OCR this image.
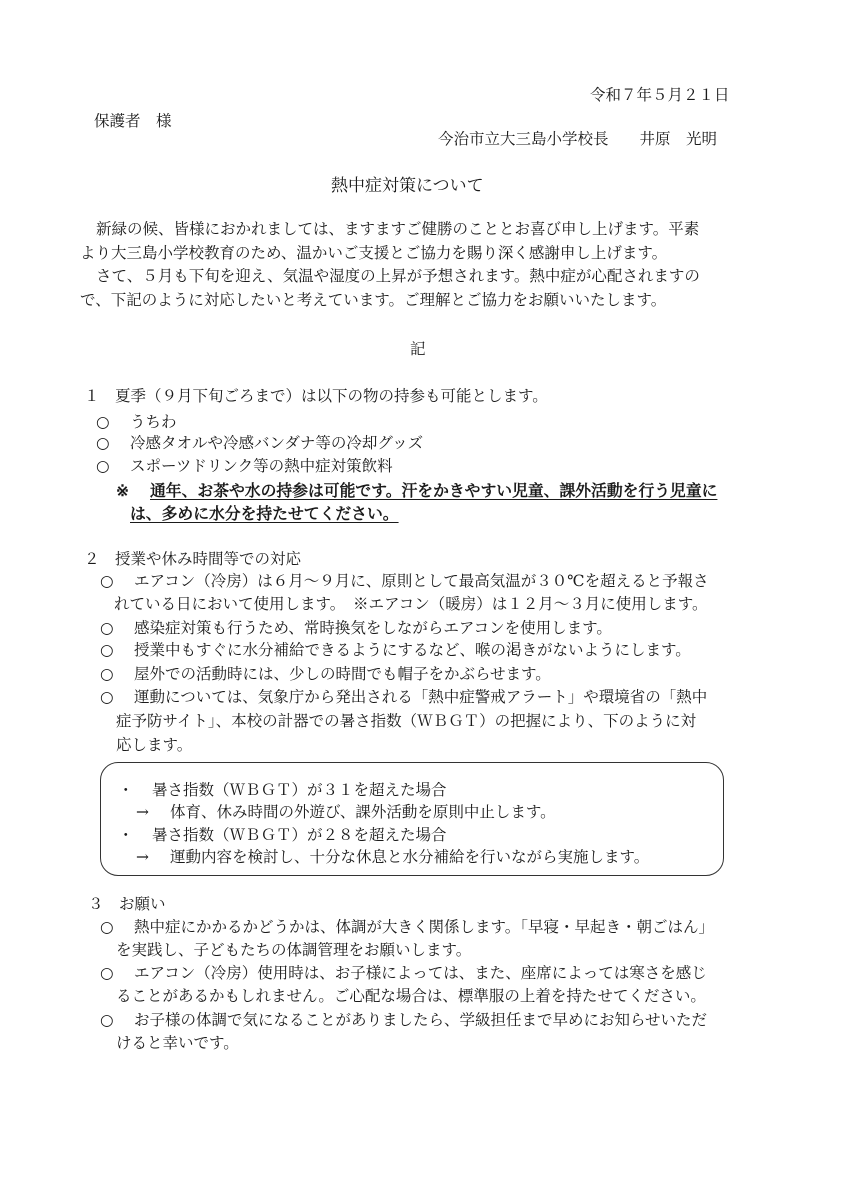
令和７年５月２１日
保護者　様
今治市立大三島小学校長　　井原　光明
熱中症対策について
新緑の候、皆様におかれましては、ますますご健勝のこととお喜び申し上げます。平素
より大三島小学校教育のため、温かいご支援とご協力を賜り深く感謝申し上げます。
さて、５月も下旬を迎え、気温や湿度の上昇が予想されます。熱中症が心配されますの
で、下記のように対応したいと考えています。ご理解とご協力をお願いいたします。
記
１　夏季（９月下旬ごろまで）は以下の物の持参も可能とします。
○ うちわ
○ 冷感タオルや冷感バンダナ等の冷却グッズ
○ スポーツドリンク等の熱中症対策飲料
※ 通年、お茶や水の持参は可能です。汗をかきやすい児童、課外活動を行う児童に
は、多めに水分を持たせてください。
２　授業や休み時間等での対応
○ エアコン（冷房）は６月～９月に、原則として最高気温が３０℃を超えると予報さ
れている日において使用します。　※エアコン（暖房）は１２月～３月に使用します。
○ 感染症対策も行うため、常時換気をしながらエアコンを使用します。
○ 授業中もすぐに水分補給できるようにするなど、喉の渇きがないようにします。
○ 屋外での活動時には、少しの時間でも帽子をかぶらせます。
○ 運動については、気象庁から発出される「熱中症警戒アラート」や環境省の「熱中
症予防サイト」、本校の計器での暑さ指数（ＷＢＧＴ）の把握により、下のように対
応します。
・ 暑さ指数（ＷＢＧＴ）が３１を超えた場合
→ 体育、休み時間の外遊び、課外活動を原則中止します。
・ 暑さ指数（ＷＢＧＴ）が２８を超えた場合
→ 運動内容を検討し、十分な休息と水分補給を行いながら実施します。
３　お願い
○ 熱中症にかかるかどうかは、体調が大きく関係します。「早寝・早起き・朝ごはん」
を実践し、子どもたちの体調管理をお願いします。
○ エアコン（冷房）使用時は、お子様によっては、また、座席によっては寒さを感じ
ることがあるかもしれません。ご心配な場合は、標準服の上着を持たせてください。
○ お子様の体調で気になることがありましたら、学級担任まで早めにお知らせいただ
けると幸いです。
